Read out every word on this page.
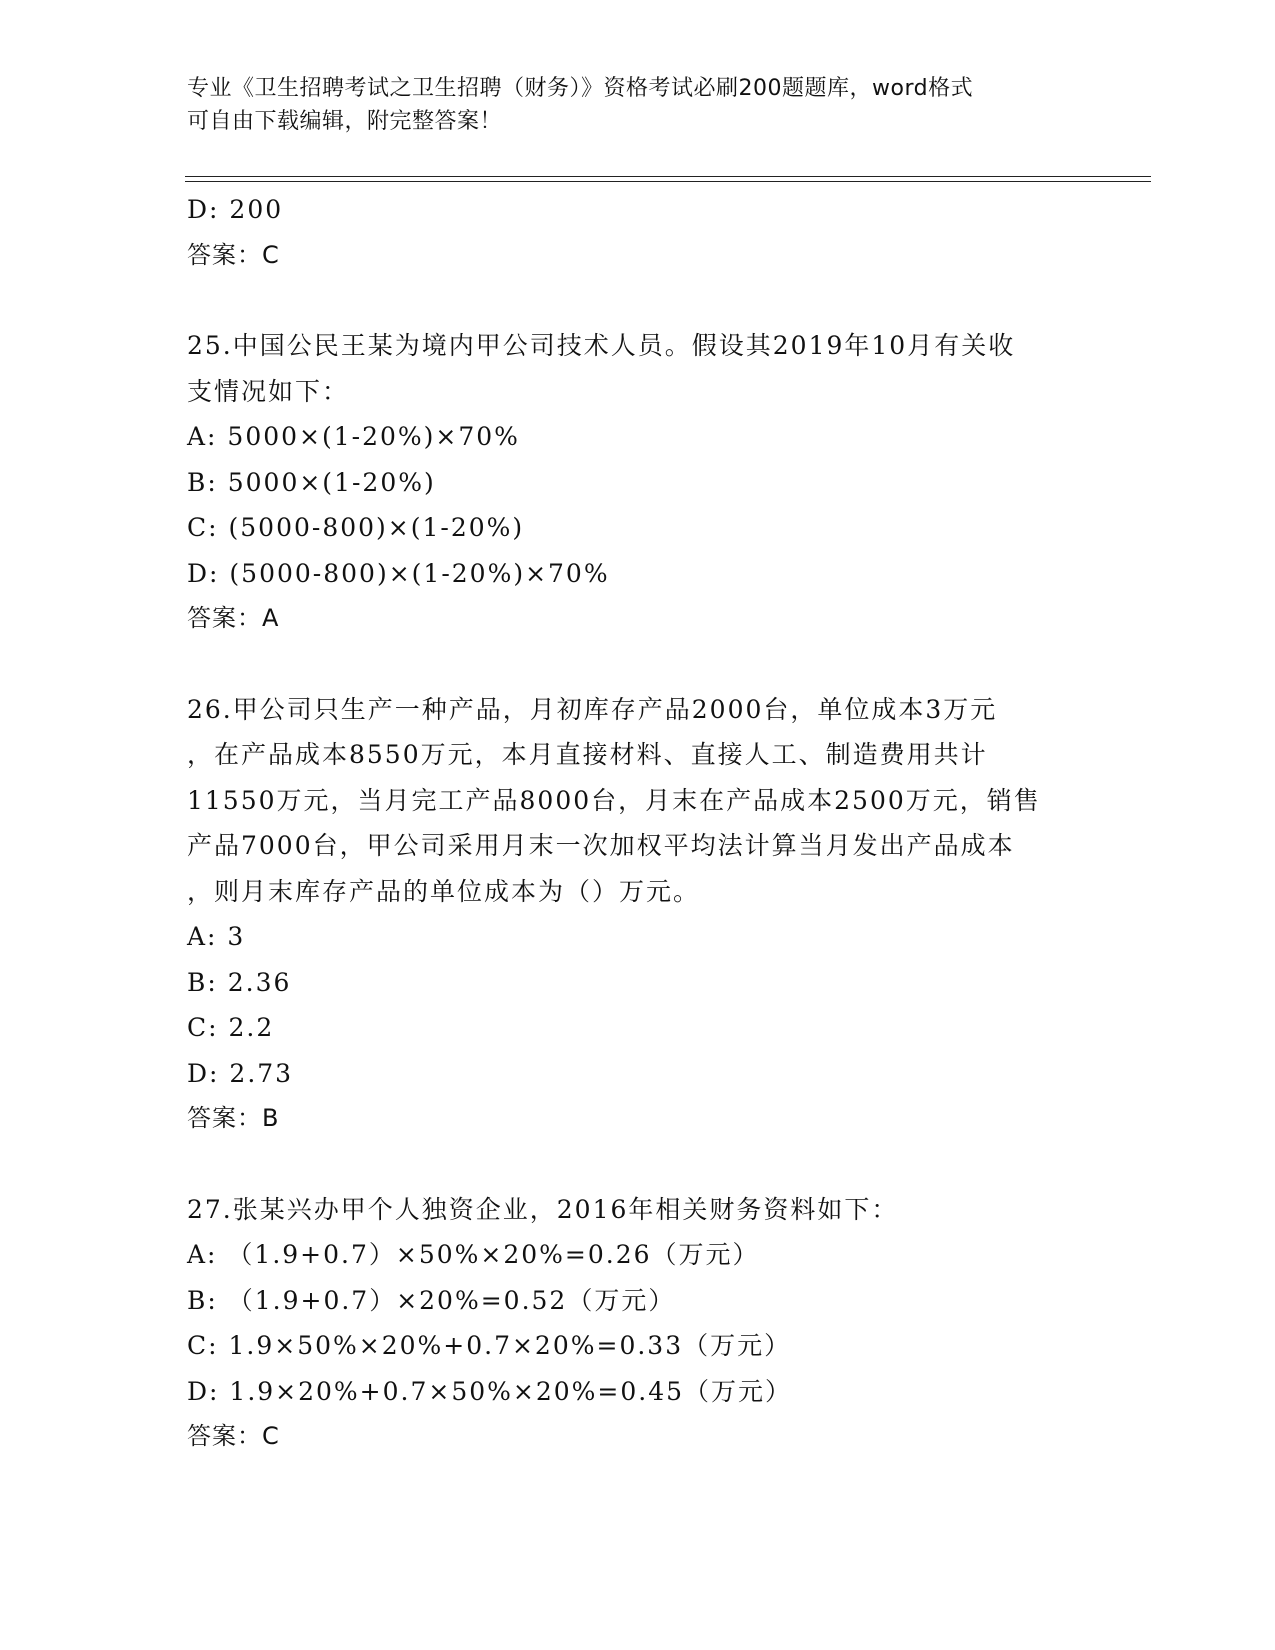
专业《卫生招聘考试之卫生招聘（财务）》资格考试必刷200题题库，word格式
可自由下载编辑，附完整答案！
D: 200
答案：C
25.中国公民王某为境内甲公司技术人员。假设其2019年10月有关收
支情况如下：
A: 5000×(1-20%)×70%
B: 5000×(1-20%)
C: (5000-800)×(1-20%)
D: (5000-800)×(1-20%)×70%
答案：A
26.甲公司只生产一种产品，月初库存产品2000台，单位成本3万元
，在产品成本8550万元，本月直接材料、直接人工、制造费用共计
11550万元，当月完工产品8000台，月末在产品成本2500万元，销售
产品7000台，甲公司采用月末一次加权平均法计算当月发出产品成本
，则月末库存产品的单位成本为（）万元。
A: 3
B: 2.36
C: 2.2
D: 2.73
答案：B
27.张某兴办甲个人独资企业，2016年相关财务资料如下：
A: （1.9+0.7）×50%×20%=0.26（万元）
B: （1.9+0.7）×20%=0.52（万元）
C: 1.9×50%×20%+0.7×20%=0.33（万元）
D: 1.9×20%+0.7×50%×20%=0.45（万元）
答案：C
